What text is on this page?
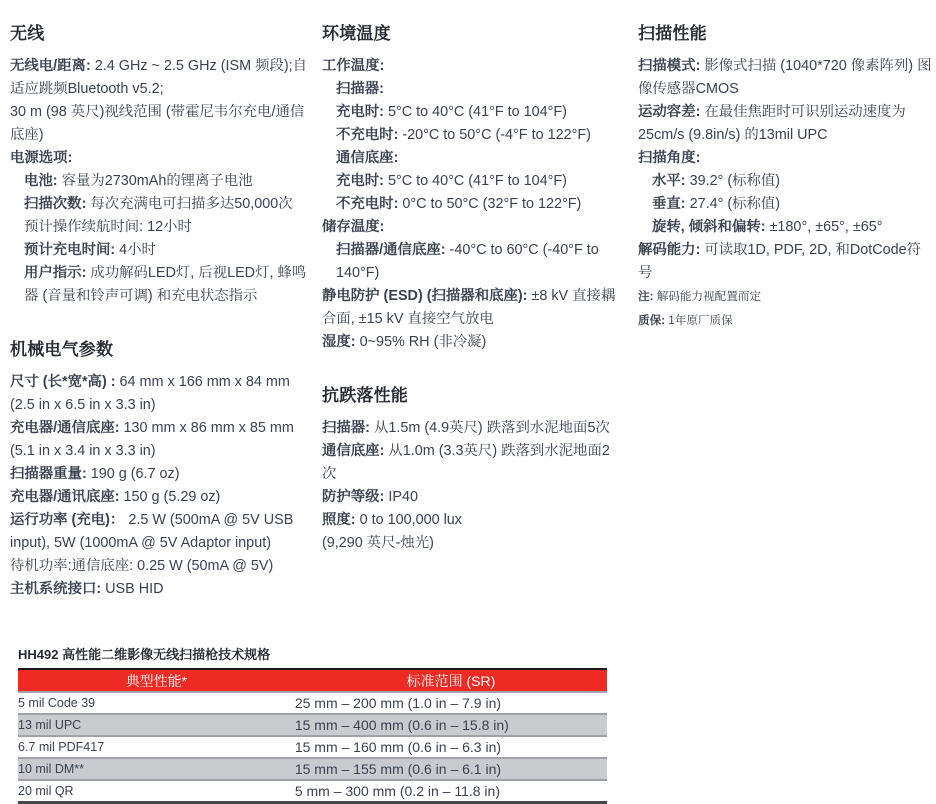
无线
无线电/距离: 2.4 GHz ~ 2.5 GHz (ISM 频段);自适应跳频Bluetooth v5.2;
30 m (98 英尺)视线范围 (带霍尼韦尔充电/通信底座)
电源选项:
电池: 容量为2730mAh的锂离子电池
扫描次数: 每次充满电可扫描多达50,000次
预计操作续航时间: 12小时
预计充电时间: 4小时
用户指示: 成功解码LED灯, 后视LED灯, 蜂鸣器 (音量和铃声可调) 和充电状态指示
机械电气参数
尺寸 (长*宽*高) : 64 mm x 166 mm x 84 mm (2.5 in x 6.5 in x 3.3 in)
充电器/通信底座: 130 mm x 86 mm x 85 mm (5.1 in x 3.4 in x 3.3 in)
扫描器重量: 190 g (6.7 oz)
充电器/通讯底座: 150 g (5.29 oz)
运行功率 (充电)： 2.5 W (500mA @ 5V USB input), 5W (1000mA @ 5V Adaptor input)
待机功率:通信底座: 0.25 W (50mA @ 5V)
主机系统接口: USB HID
环境温度
工作温度:
扫描器:
充电时: 5°C to 40°C (41°F to 104°F)
不充电时: -20°C to 50°C (-4°F to 122°F)
通信底座:
充电时: 5°C to 40°C (41°F to 104°F)
不充电时: 0°C to 50°C (32°F to 122°F)
储存温度:
扫描器/通信底座: -40°C to 60°C (-40°F to 140°F)
静电防护 (ESD) (扫描器和底座): ±8 kV 直接耦合面, ±15 kV 直接空气放电
湿度: 0~95% RH (非冷凝)
抗跌落性能
扫描器: 从1.5m (4.9英尺) 跌落到水泥地面5次
通信底座: 从1.0m (3.3英尺) 跌落到水泥地面2次
防护等级: IP40
照度: 0 to 100,000 lux
(9,290 英尺-烛光)
扫描性能
扫描模式: 影像式扫描 (1040*720 像素阵列) 图像传感器CMOS
运动容差: 在最佳焦距时可识别运动速度为 25cm/s (9.8in/s) 的13mil UPC
扫描角度:
水平: 39.2° (标称值)
垂直: 27.4° (标称值)
旋转, 倾斜和偏转: ±180°, ±65°, ±65°
解码能力: 可读取1D, PDF, 2D, 和DotCode符号
注: 解码能力视配置而定
质保: 1年原厂质保
HH492 高性能二维影像无线扫描枪技术规格
典型性能*	标准范围 (SR)
5 mil Code 39	25 mm – 200 mm (1.0 in – 7.9 in)
13 mil UPC	15 mm – 400 mm (0.6 in – 15.8 in)
6.7 mil PDF417	15 mm – 160 mm (0.6 in – 6.3 in)
10 mil DM**	15 mm – 155 mm (0.6 in – 6.1 in)
20 mil QR	5 mm – 300 mm (0.2 in – 11.8 in)
